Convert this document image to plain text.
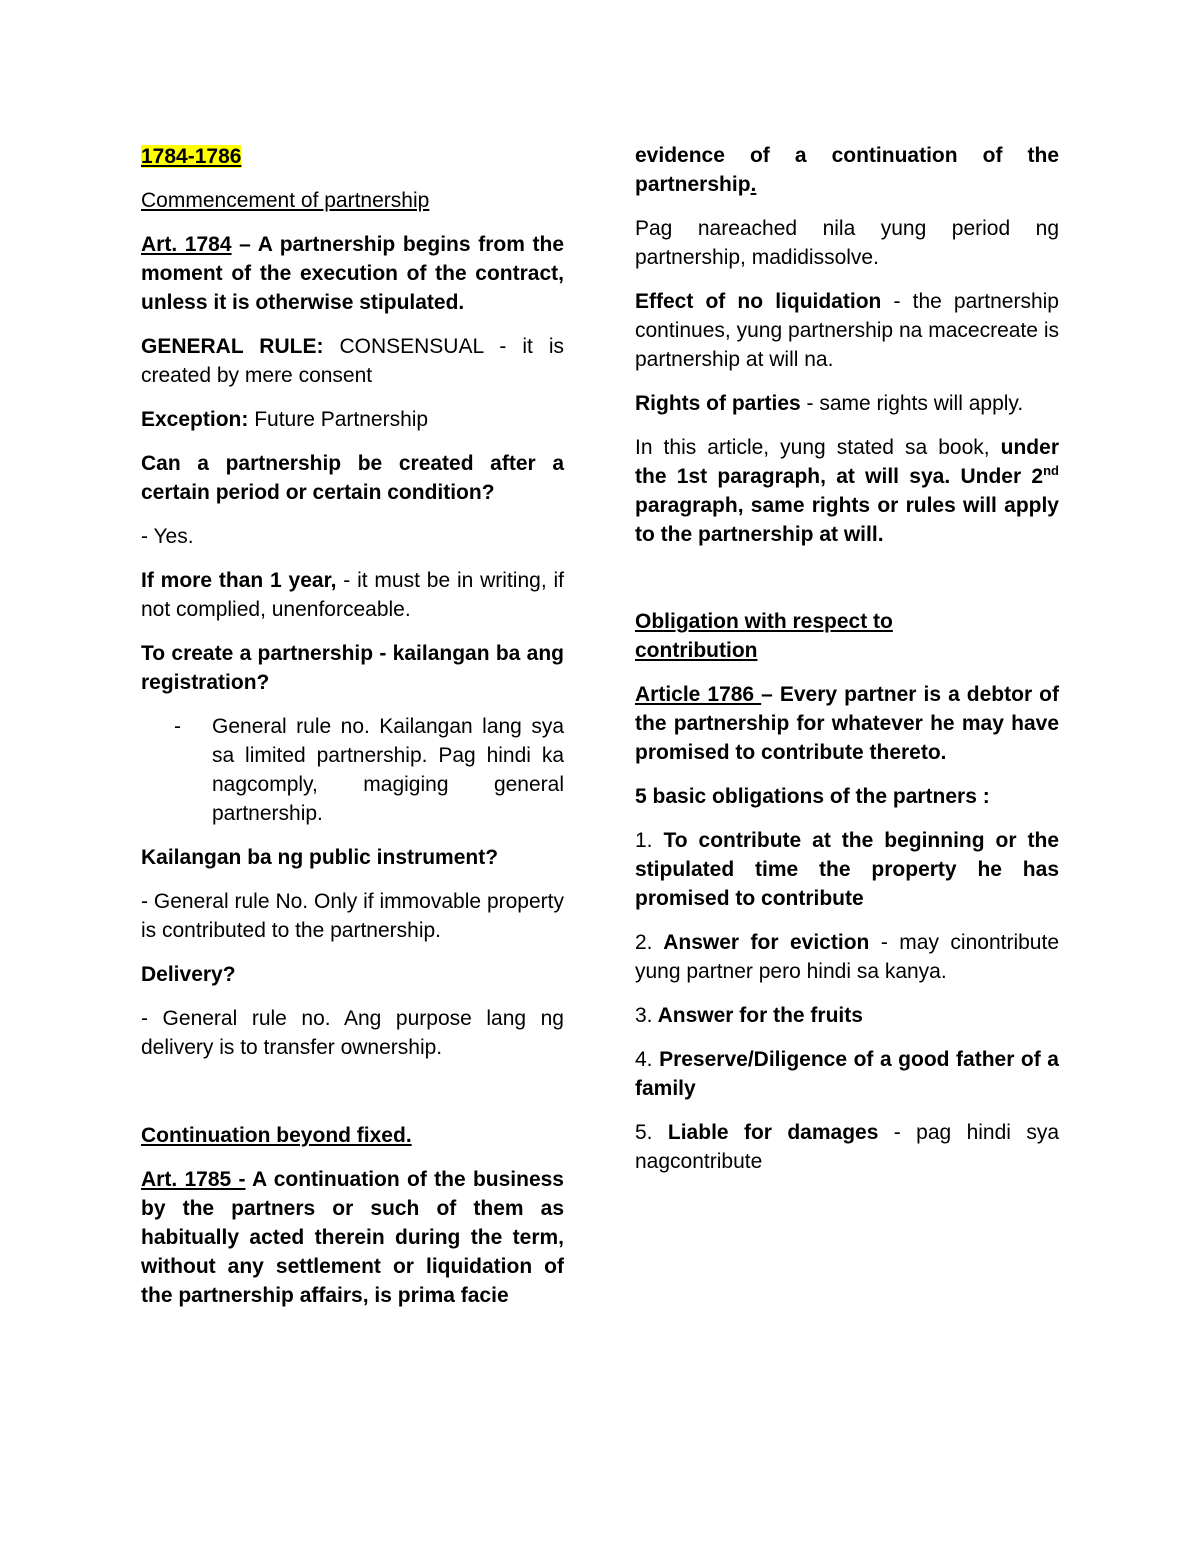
1784-1786

Commencement of partnership

Art. 1784 – A partnership begins from the moment of the execution of the contract, unless it is otherwise stipulated.

GENERAL RULE: CONSENSUAL - it is created by mere consent

Exception: Future Partnership

Can a partnership be created after a certain period or certain condition?

- Yes.

If more than 1 year, - it must be in writing, if not complied, unenforceable.

To create a partnership - kailangan ba ang registration?

- General rule no. Kailangan lang sya sa limited partnership. Pag hindi ka nagcomply, magiging general partnership.

Kailangan ba ng public instrument?

- General rule No. Only if immovable property is contributed to the partnership.

Delivery?

- General rule no. Ang purpose lang ng delivery is to transfer ownership.

Continuation beyond fixed.

Art. 1785 - A continuation of the business by the partners or such of them as habitually acted therein during the term, without any settlement or liquidation of the partnership affairs, is prima facie

evidence of a continuation of the partnership.

Pag nareached nila yung period ng partnership, madidissolve.

Effect of no liquidation - the partnership continues, yung partnership na macecreate is partnership at will na.

Rights of parties - same rights will apply.

In this article, yung stated sa book, under the 1st paragraph, at will sya. Under 2nd paragraph, same rights or rules will apply to the partnership at will.

Obligation with respect to
contribution

Article 1786 – Every partner is a debtor of the partnership for whatever he may have promised to contribute thereto.

5 basic obligations of the partners :

1. To contribute at the beginning or the stipulated time the property he has promised to contribute

2. Answer for eviction - may cinontribute yung partner pero hindi sa kanya.

3. Answer for the fruits

4. Preserve/Diligence of a good father of a family

5. Liable for damages - pag hindi sya nagcontribute
